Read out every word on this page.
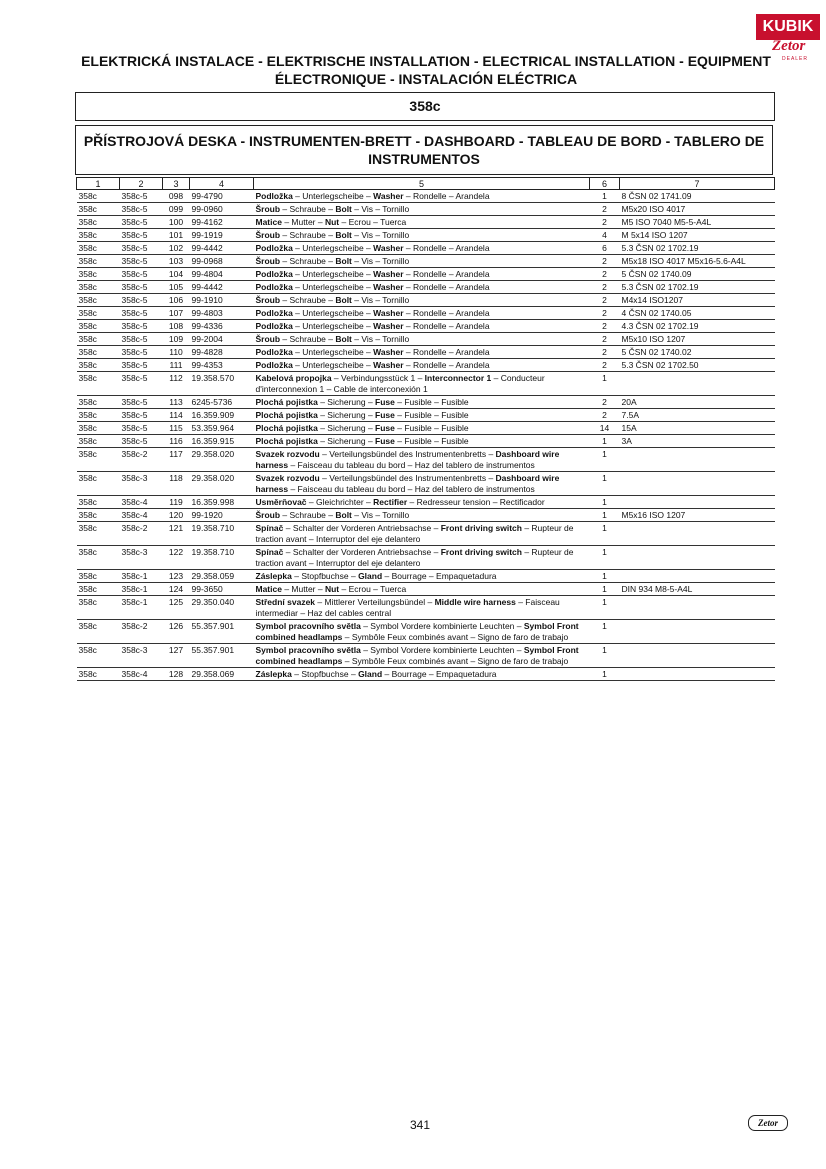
KUBIK
Zetor
DEALER
ELEKTRICKÁ INSTALACE - ELEKTRISCHE INSTALLATION - ELECTRICAL INSTALLATION - EQUIPMENT
ÉLECTRONIQUE - INSTALACIÓN ELÉCTRICA
358c
PŘÍSTROJOVÁ DESKA - INSTRUMENTEN-BRETT - DASHBOARD - TABLEAU DE BORD - TABLERO DE INSTRUMENTOS
1	2	3	4	5	6	7
358c	358c-5	098	99-4790	Podložka – Unterlegscheibe – Washer – Rondelle – Arandela	1	8 ČSN 02 1741.09
358c	358c-5	099	99-0960	Šroub – Schraube – Bolt – Vis – Tornillo	2	M5x20 ISO 4017
358c	358c-5	100	99-4162	Matice – Mutter – Nut – Ecrou – Tuerca	2	M5 ISO 7040 M5-5-A4L
358c	358c-5	101	99-1919	Šroub – Schraube – Bolt – Vis – Tornillo	4	M 5x14 ISO 1207
358c	358c-5	102	99-4442	Podložka – Unterlegscheibe – Washer – Rondelle – Arandela	6	5.3 ČSN 02 1702.19
358c	358c-5	103	99-0968	Šroub – Schraube – Bolt – Vis – Tornillo	2	M5x18 ISO 4017 M5x16-5.6-A4L
358c	358c-5	104	99-4804	Podložka – Unterlegscheibe – Washer – Rondelle – Arandela	2	5 ČSN 02 1740.09
358c	358c-5	105	99-4442	Podložka – Unterlegscheibe – Washer – Rondelle – Arandela	2	5.3 ČSN 02 1702.19
358c	358c-5	106	99-1910	Šroub – Schraube – Bolt – Vis – Tornillo	2	M4x14 ISO1207
358c	358c-5	107	99-4803	Podložka – Unterlegscheibe – Washer – Rondelle – Arandela	2	4 ČSN 02 1740.05
358c	358c-5	108	99-4336	Podložka – Unterlegscheibe – Washer – Rondelle – Arandela	2	4.3 ČSN 02 1702.19
358c	358c-5	109	99-2004	Šroub – Schraube – Bolt – Vis – Tornillo	2	M5x10 ISO 1207
358c	358c-5	110	99-4828	Podložka – Unterlegscheibe – Washer – Rondelle – Arandela	2	5 ČSN 02 1740.02
358c	358c-5	111	99-4353	Podložka – Unterlegscheibe – Washer – Rondelle – Arandela	2	5.3 ČSN 02 1702.50
358c	358c-5	112	19.358.570	Kabelová propojka – Verbindungsstück 1 – Interconnector 1 – Conducteur d'interconnexion 1 – Cable de interconexión 1	1	
358c	358c-5	113	6245-5736	Plochá pojistka – Sicherung – Fuse – Fusible – Fusible	2	20A
358c	358c-5	114	16.359.909	Plochá pojistka – Sicherung – Fuse – Fusible – Fusible	2	7.5A
358c	358c-5	115	53.359.964	Plochá pojistka – Sicherung – Fuse – Fusible – Fusible	14	15A
358c	358c-5	116	16.359.915	Plochá pojistka – Sicherung – Fuse – Fusible – Fusible	1	3A
358c	358c-2	117	29.358.020	Svazek rozvodu – Verteilungsbündel des Instrumentenbretts – Dashboard wire harness – Faisceau du tableau du bord – Haz del tablero de instrumentos	1	
358c	358c-3	118	29.358.020	Svazek rozvodu – Verteilungsbündel des Instrumentenbretts – Dashboard wire harness – Faisceau du tableau du bord – Haz del tablero de instrumentos	1	
358c	358c-4	119	16.359.998	Usměrňovač – Gleichrichter – Rectifier – Redresseur tension – Rectificador	1	
358c	358c-4	120	99-1920	Šroub – Schraube – Bolt – Vis – Tornillo	1	M5x16 ISO 1207
358c	358c-2	121	19.358.710	Spínač – Schalter der Vorderen Antriebsachse – Front driving switch – Rupteur de traction avant – Interruptor del eje delantero	1	
358c	358c-3	122	19.358.710	Spínač – Schalter der Vorderen Antriebsachse – Front driving switch – Rupteur de traction avant – Interruptor del eje delantero	1	
358c	358c-1	123	29.358.059	Záslepka – Stopfbuchse – Gland – Bourrage – Empaquetadura	1	
358c	358c-1	124	99-3650	Matice – Mutter – Nut – Ecrou – Tuerca	1	DIN 934 M8-5-A4L
358c	358c-1	125	29.350.040	Střední svazek – Mittlerer Verteilungsbündel – Middle wire harness – Faisceau intermediar – Haz del cables central	1	
358c	358c-2	126	55.357.901	Symbol pracovního světla – Symbol Vordere kombinierte Leuchten – Symbol Front combined headlamps – Symbôle Feux combinés avant – Signo de faro de trabajo	1	
358c	358c-3	127	55.357.901	Symbol pracovního světla – Symbol Vordere kombinierte Leuchten – Symbol Front combined headlamps – Symbôle Feux combinés avant – Signo de faro de trabajo	1	
358c	358c-4	128	29.358.069	Záslepka – Stopfbuchse – Gland – Bourrage – Empaquetadura	1	
341	Zetor
